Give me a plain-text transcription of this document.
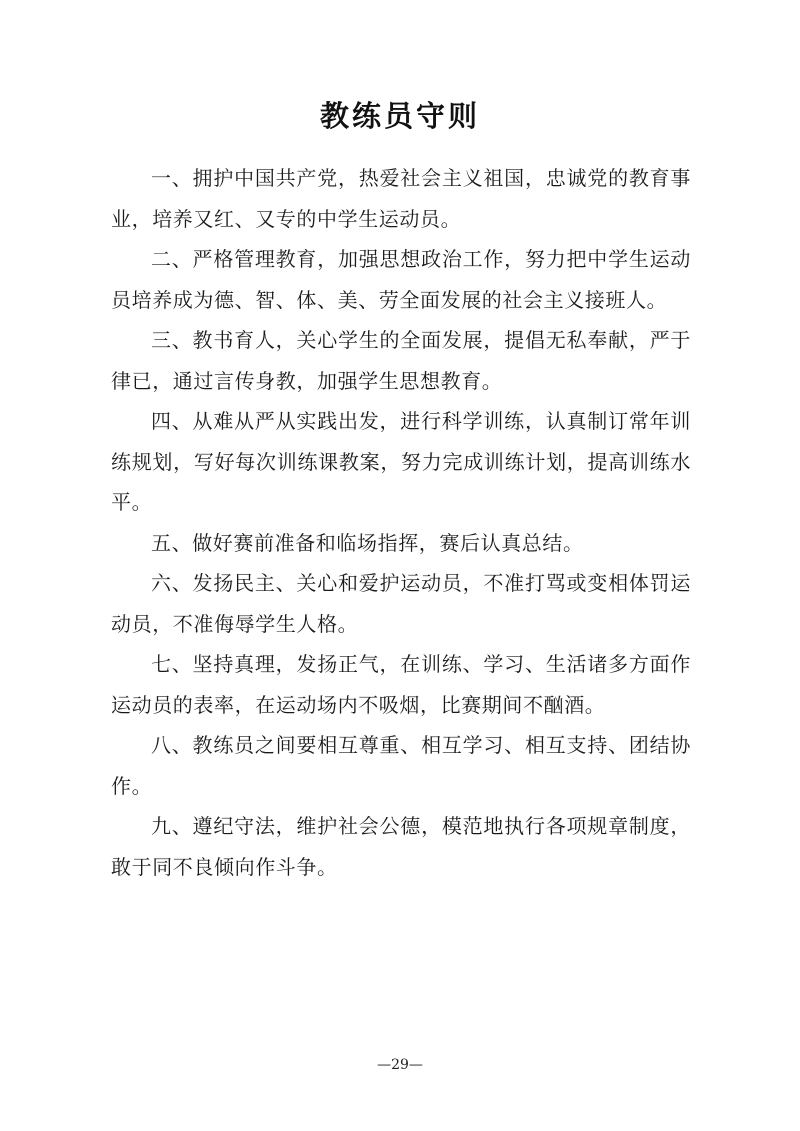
教练员守则

一、拥护中国共产党，热爱社会主义祖国，忠诚党的教育事业，培养又红、又专的中学生运动员。

二、严格管理教育，加强思想政治工作，努力把中学生运动员培养成为德、智、体、美、劳全面发展的社会主义接班人。

三、教书育人，关心学生的全面发展，提倡无私奉献，严于律已，通过言传身教，加强学生思想教育。

四、从难从严从实践出发，进行科学训练，认真制订常年训练规划，写好每次训练课教案，努力完成训练计划，提高训练水平。

五、做好赛前准备和临场指挥，赛后认真总结。

六、发扬民主、关心和爱护运动员，不准打骂或变相体罚运动员，不准侮辱学生人格。

七、坚持真理，发扬正气，在训练、学习、生活诸多方面作运动员的表率，在运动场内不吸烟，比赛期间不酗酒。

八、教练员之间要相互尊重、相互学习、相互支持、团结协作。

九、遵纪守法，维护社会公德，模范地执行各项规章制度，敢于同不良倾向作斗争。

—29—
